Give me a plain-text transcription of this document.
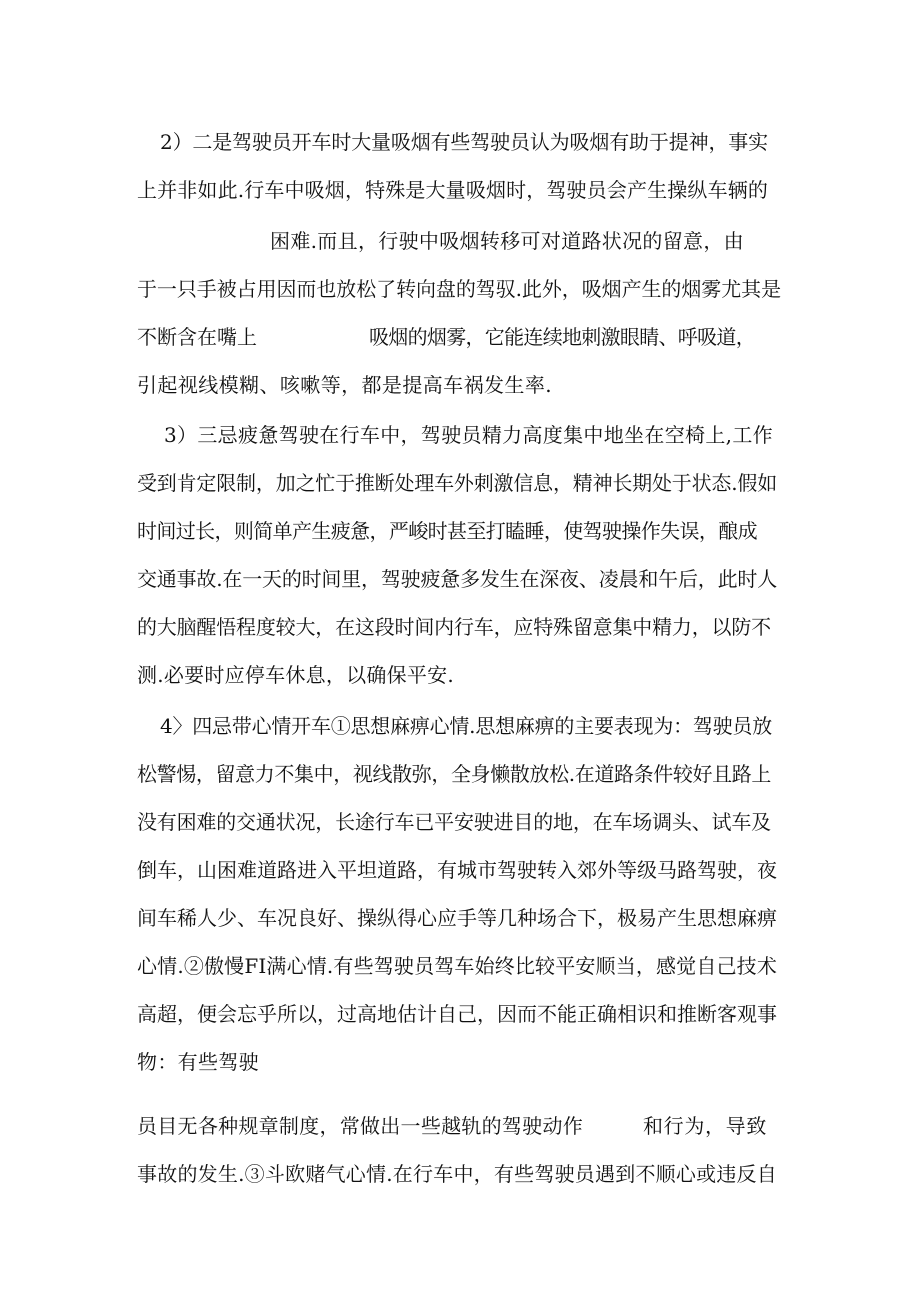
2）二是驾驶员开车时大量吸烟有些驾驶员认为吸烟有助于提神，事实
上并非如此.行车中吸烟，特殊是大量吸烟时，驾驶员会产生操纵车辆的
困难.而且，行驶中吸烟转移可对道路状况的留意，由
于一只手被占用因而也放松了转向盘的驾驭.此外，吸烟产生的烟雾尤其是
不断含在嘴上	吸烟的烟雾，它能连续地刺激眼睛、呼吸道，
引起视线模糊、咳嗽等，都是提高车祸发生率.
3）三忌疲惫驾驶在行车中，驾驶员精力高度集中地坐在空椅上,工作
受到肯定限制，加之忙于推断处理车外刺激信息，精神长期处于状态.假如
时间过长，则简单产生疲惫，严峻时甚至打瞌睡，使驾驶操作失误，酿成
交通事故.在一天的时间里，驾驶疲惫多发生在深夜、凌晨和午后，此时人
的大脑醒悟程度较大，在这段时间内行车，应特殊留意集中精力，以防不
测.必要时应停车休息，以确保平安.
4〉四忌带心情开车①思想麻痹心情.思想麻痹的主要表现为：驾驶员放
松警惕，留意力不集中，视线散弥，全身懒散放松.在道路条件较好且路上
没有困难的交通状况，长途行车已平安驶进目的地，在车场调头、试车及
倒车，山困难道路进入平坦道路，有城市驾驶转入郊外等级马路驾驶，夜
间车稀人少、车况良好、操纵得心应手等几种场合下，极易产生思想麻痹
心情.②傲慢FI满心情.有些驾驶员驾车始终比较平安顺当，感觉自己技术
高超，便会忘乎所以，过高地估计自己，因而不能正确相识和推断客观事
物：有些驾驶
员目无各种规章制度，常做出一些越轨的驾驶动作	和行为，导致
事故的发生.③斗欧赌气心情.在行车中，有些驾驶员遇到不顺心或违反自
